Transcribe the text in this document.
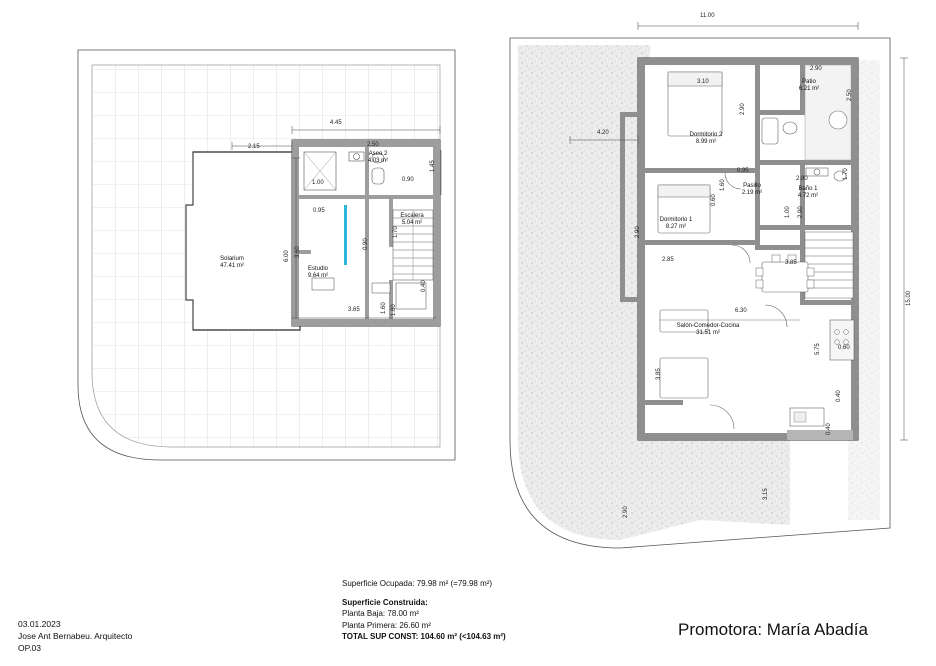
Solarium
47.41 m²	Estudio
9.64 m²
Aseo 2
4.03 m²
Escalera
5.04 m²
4.45
2.15	2.50
1.00	0.90
0.95
3.65
6.00
1.45
1.70
0.90
3.60
0.40
1.60 1.80
Dormitorio 2
8.99 m²
Patio
6.21 m²
Pasillo
2.19 m²
Baño 1
4.72 m²
Dormitorio 1
8.27 m²
Salón-Comedor-Cocina
31.51 m²
11.00
15.00
2.90
2.50
3.10
2.90
4.20
1.70
0.95
2.80
1.60
0.60
1.00 2.90
2.90
2.85	3.85
6.30
5.75	0.60
3.85
0.40
0.40
3.15
2.90
Superficie Ocupada: 79.98 m² (=79.98 m²)
Superficie Construida:
Planta Baja: 78.00 m²
Planta Primera: 26.60 m²
TOTAL SUP CONST: 104.60 m² (<104.63 m²)
03.01.2023
Jose Ant Bernabeu. Arquitecto
OP.03
Promotora: María Abadía
